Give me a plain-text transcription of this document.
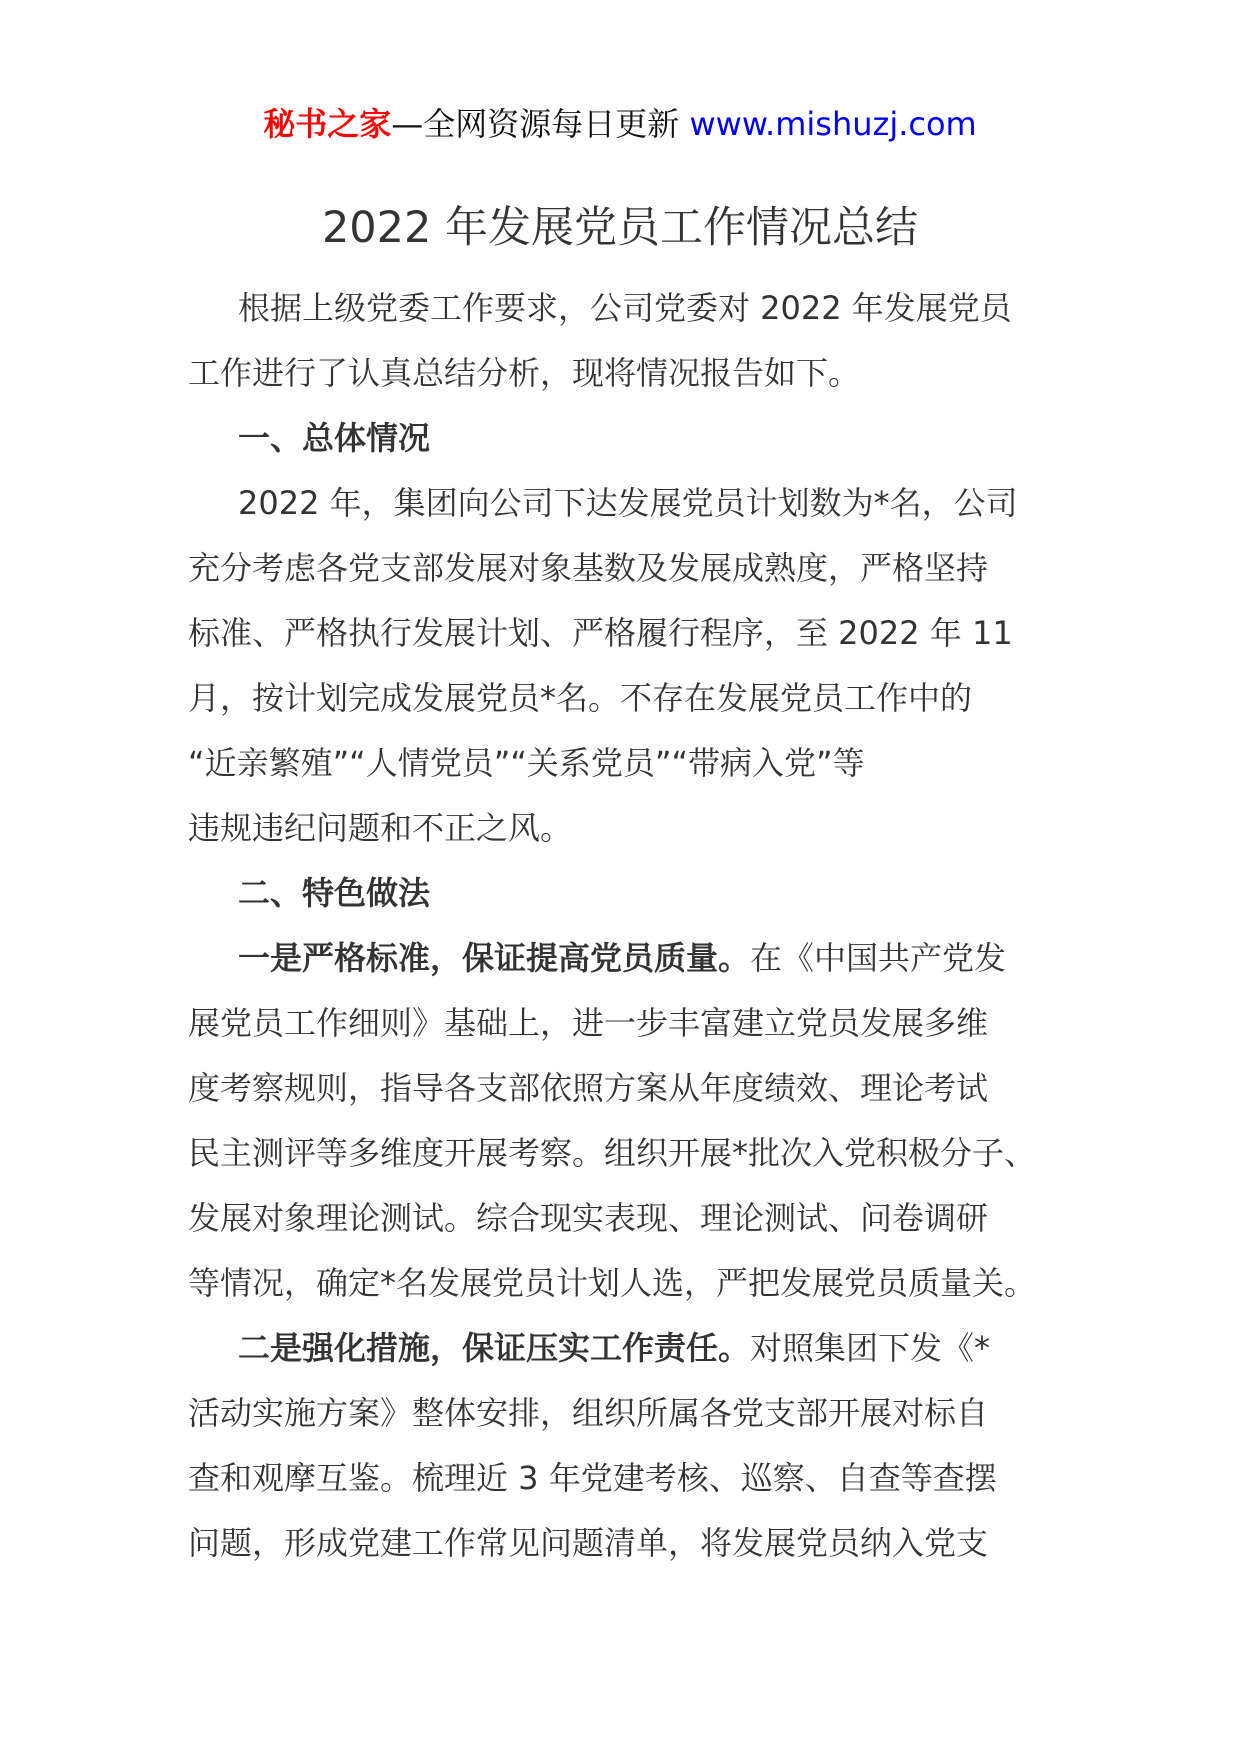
秘书之家—全网资源每日更新 www.mishuzj.com
2022 年发展党员工作情况总结
根据上级党委工作要求，公司党委对 2022 年发展党员
工作进行了认真总结分析，现将情况报告如下。
一、总体情况
2022 年，集团向公司下达发展党员计划数为*名，公司
充分考虑各党支部发展对象基数及发展成熟度，严格坚持
标准、严格执行发展计划、严格履行程序，至 2022 年 11
月，按计划完成发展党员*名。不存在发展党员工作中的
“近亲繁殖”“人情党员”“关系党员”“带病入党”等
违规违纪问题和不正之风。
二、特色做法
一是严格标准，保证提高党员质量。在《中国共产党发
展党员工作细则》基础上，进一步丰富建立党员发展多维
度考察规则，指导各支部依照方案从年度绩效、理论考试
民主测评等多维度开展考察。组织开展*批次入党积极分子、
发展对象理论测试。综合现实表现、理论测试、问卷调研
等情况，确定*名发展党员计划人选，严把发展党员质量关。
二是强化措施，保证压实工作责任。对照集团下发《*
活动实施方案》整体安排，组织所属各党支部开展对标自
查和观摩互鉴。梳理近 3 年党建考核、巡察、自查等查摆
问题，形成党建工作常见问题清单，将发展党员纳入党支
